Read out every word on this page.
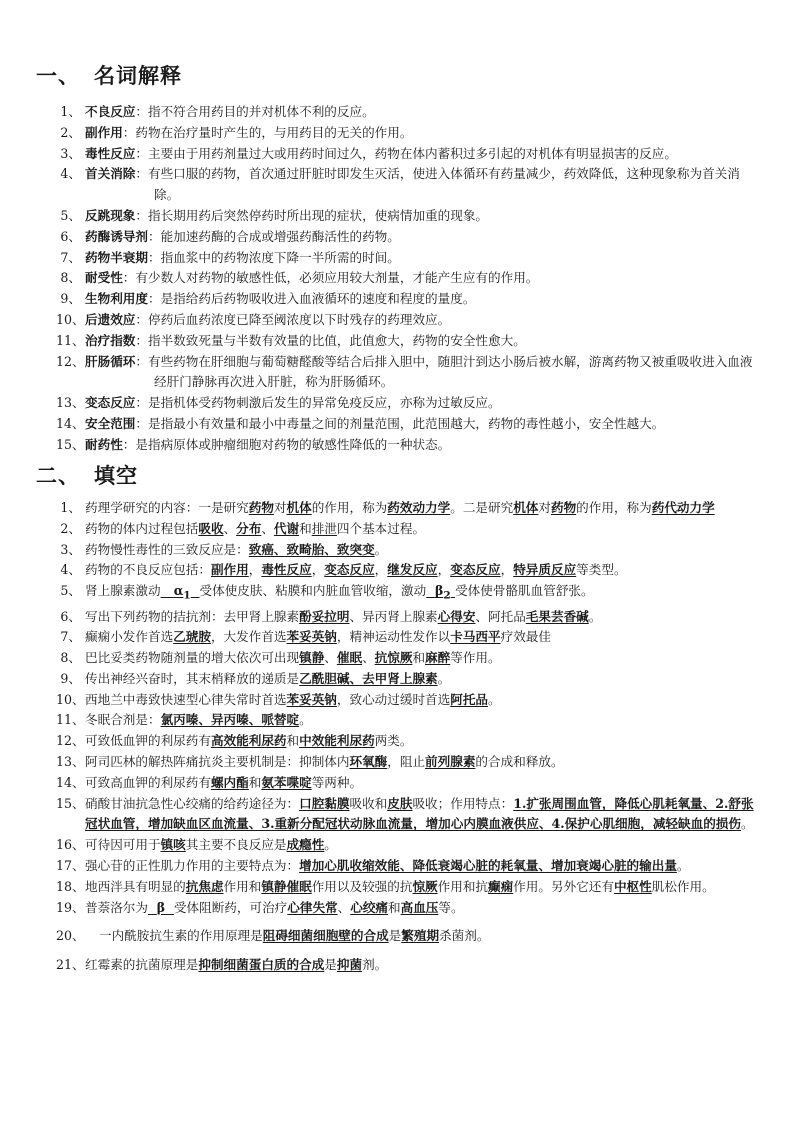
一、 名词解释
1、 不良反应：指不符合用药目的并对机体不利的反应。
2、 副作用：药物在治疗量时产生的，与用药目的无关的作用。
3、 毒性反应：主要由于用药剂量过大或用药时间过久，药物在体内蓄积过多引起的对机体有明显损害的反应。
4、 首关消除：有些口服的药物，首次通过肝脏时即发生灭活，使进入体循环有药量减少，药效降低，这种现象称为首关消除。
5、 反跳现象：指长期用药后突然停药时所出现的症状，使病情加重的现象。
6、 药酶诱导剂：能加速药酶的合成或增强药酶活性的药物。
7、 药物半衰期：指血浆中的药物浓度下降一半所需的时间。
8、 耐受性：有少数人对药物的敏感性低，必须应用较大剂量，才能产生应有的作用。
9、 生物利用度：是指给药后药物吸收进入血液循环的速度和程度的量度。
10、 后遗效应：停药后血药浓度已降至阈浓度以下时残存的药理效应。
11、 治疗指数：指半数致死量与半数有效量的比值，此值愈大，药物的安全性愈大。
12、 肝肠循环：有些药物在肝细胞与葡萄糖醛酸等结合后排入胆中，随胆汁到达小肠后被水解，游离药物又被重吸收进入血液经肝门静脉再次进入肝脏，称为肝肠循环。
13、 变态反应：是指机体受药物刺激后发生的异常免疫反应，亦称为过敏反应。
14、 安全范围：是指最小有效量和最小中毒量之间的剂量范围，此范围越大，药物的毒性越小，安全性越大。
15、 耐药性：是指病原体或肿瘤细胞对药物的敏感性降低的一种状态。
二、 填空
1、 药理学研究的内容：一是研究药物对机体的作用，称为药效动力学。二是研究机体对药物的作用，称为药代动力学
2、 药物的体内过程包括吸收、分布、代谢和排泄四个基本过程。
3、 药物慢性毒性的三致反应是：致癌、致畸胎、致突变。
4、 药物的不良反应包括：副作用，毒性反应，变态反应，继发反应，变态反应，特异质反应等类型。
5、 肾上腺素激动 $\alpha_1$ 受体使皮肤、粘膜和内脏血管收缩，激动 $\beta_2$ 受体使骨骼肌血管舒张。
6、 写出下列药物的拮抗剂：去甲肾上腺素酚妥拉明、异丙肾上腺素心得安、阿托品毛果芸香碱。
7、 癫痫小发作首选乙琥胺，大发作首选苯妥英钠，精神运动性发作以卡马西平疗效最佳
8、 巴比妥类药物随剂量的增大依次可出现镇静、催眠、抗惊厥和麻醉等作用。
9、 传出神经兴奋时，其末梢释放的递质是乙酰胆碱、去甲肾上腺素。
10、 西地兰中毒致快速型心律失常时首选苯妥英钠，致心动过缓时首选阿托品。
11、 冬眠合剂是：氯丙嗪、异丙嗪、哌替啶。
12、 可致低血钾的利尿药有高效能利尿药和中效能利尿药两类。
13、 阿司匹林的解热阵痛抗炎主要机制是：抑制体内环氧酶，阻止前列腺素的合成和释放。
14、 可致高血钾的利尿药有螺内酯和氨苯喋啶等两种。
15、 硝酸甘油抗急性心绞痛的给药途径为：口腔黏膜吸收和皮肤吸收；作用特点：1.扩张周围血管，降低心肌耗氧量、2.舒张冠状血管，增加缺血区血流量、3.重新分配冠状动脉血流量，增加心内膜血液供应、4.保护心肌细胞，减轻缺血的损伤。
16、 可待因可用于镇咳其主要不良反应是成瘾性。
17、 强心苷的正性肌力作用的主要特点为：增加心肌收缩效能、降低衰竭心脏的耗氧量、增加衰竭心脏的输出量。
18、 地西泮具有明显的抗焦虑作用和镇静催眠作用以及较强的抗惊厥作用和抗癫痫作用。另外它还有中枢性肌松作用。
19、 普萘洛尔为 β 受体阻断药，可治疗心律失常、心绞痛和高血压等。
20、	一内酰胺抗生素的作用原理是阻碍细菌细胞壁的合成是繁殖期杀菌剂。
21、 红霉素的抗菌原理是抑制细菌蛋白质的合成是抑菌剂。
